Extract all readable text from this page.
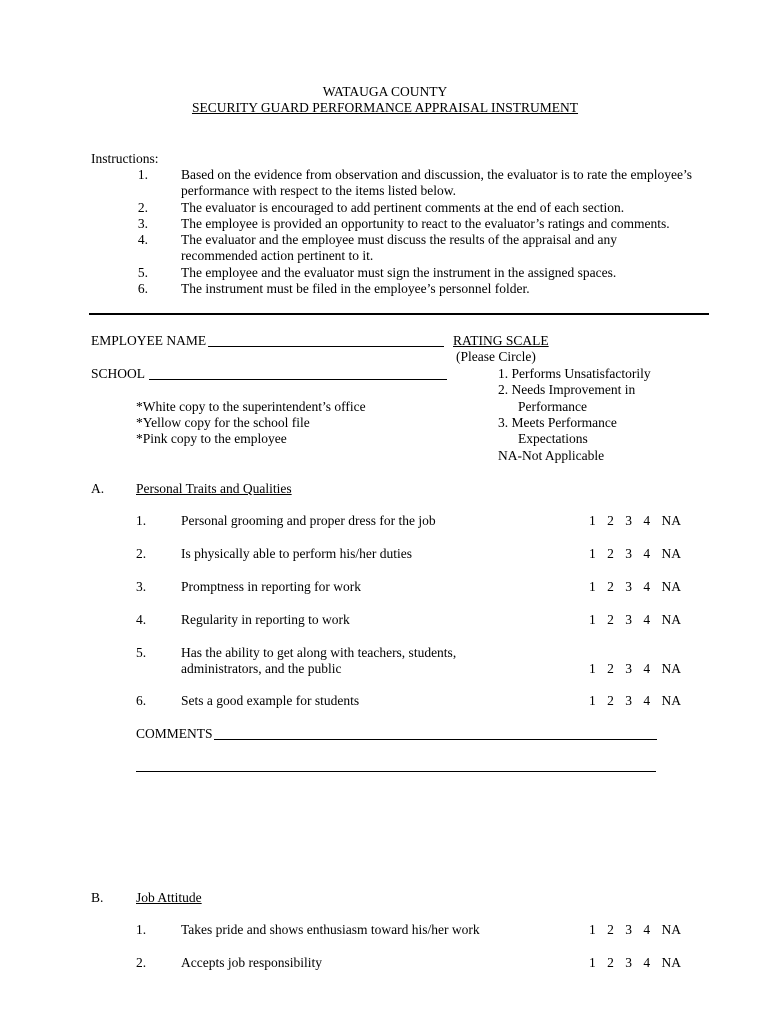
WATAUGA COUNTY
SECURITY GUARD PERFORMANCE APPRAISAL INSTRUMENT
Instructions:
1. Based on the evidence from observation and discussion, the evaluator is to rate the employee’s
performance with respect to the items listed below.
2. The evaluator is encouraged to add pertinent comments at the end of each section.
3. The employee is provided an opportunity to react to the evaluator’s ratings and comments.
4. The evaluator and the employee must discuss the results of the appraisal and any
recommended action pertinent to it.
5. The employee and the evaluator must sign the instrument in the assigned spaces.
6. The instrument must be filed in the employee’s personnel folder.
EMPLOYEE NAME
SCHOOL
*White copy to the superintendent’s office
*Yellow copy for the school file
*Pink copy to the employee
RATING SCALE
(Please Circle)
1. Performs Unsatisfactorily
2. Needs Improvement in
Performance
3. Meets Performance
Expectations
NA-Not Applicable
A. Personal Traits and Qualities
1.	Personal grooming and proper dress for the job	1 2 3 4 NA
2.	Is physically able to perform his/her duties	1 2 3 4 NA
3.	Promptness in reporting for work	1 2 3 4 NA
4.	Regularity in reporting to work	1 2 3 4 NA
5.	Has the ability to get along with teachers, students,
administrators, and the public	1 2 3 4 NA
6.	Sets a good example for students	1 2 3 4 NA
COMMENTS
B. Job Attitude
1.	Takes pride and shows enthusiasm toward his/her work	1 2 3 4 NA
2.	Accepts job responsibility	1 2 3 4 NA
